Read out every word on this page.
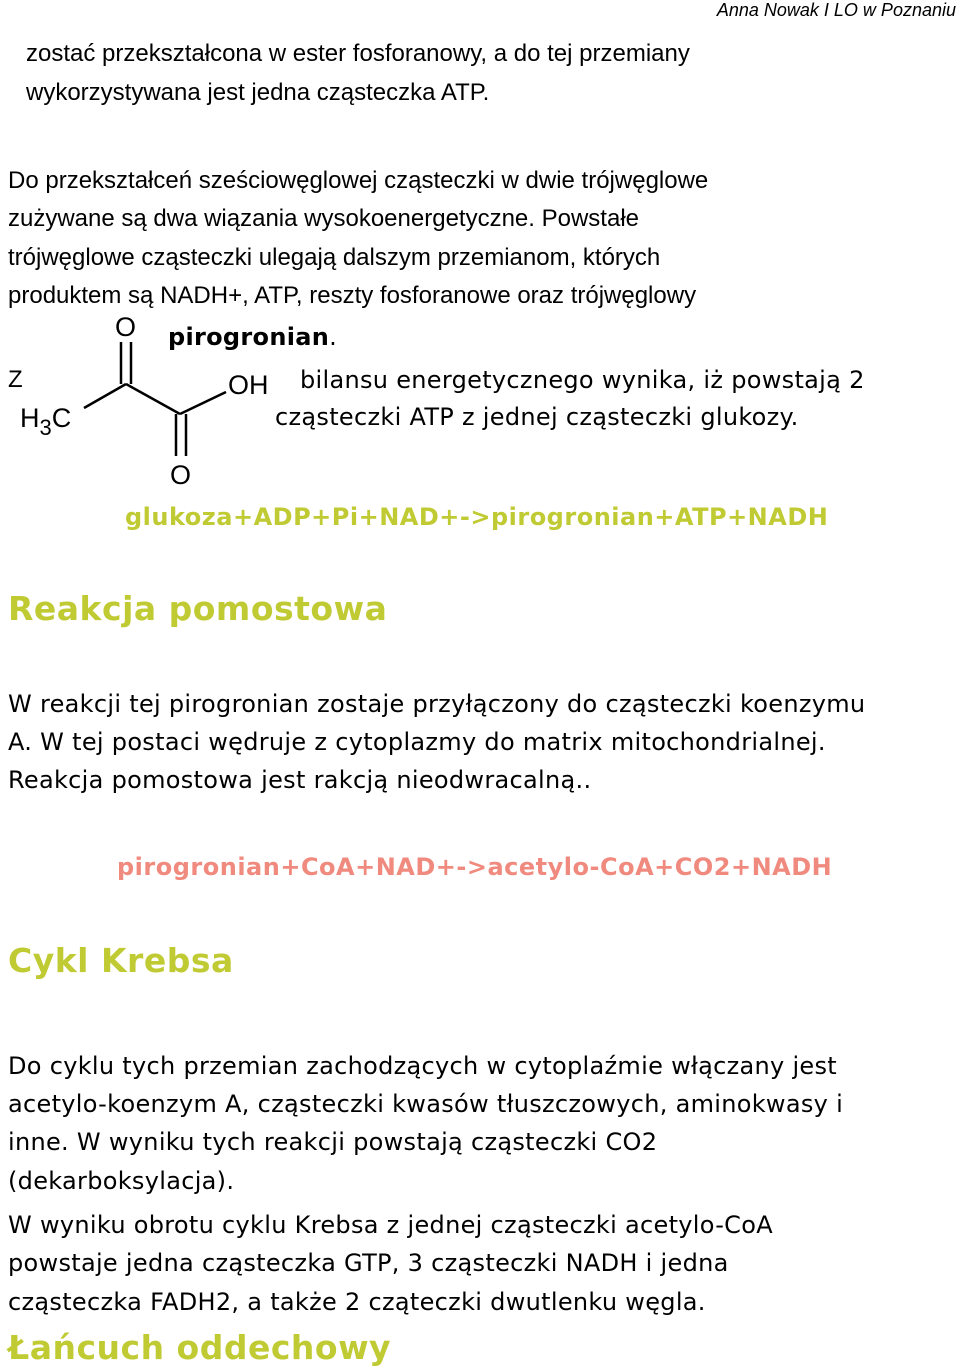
Anna Nowak I LO w Poznaniu
zostać przekształcona w ester fosforanowy, a do tej przemiany
wykorzystywana jest jedna cząsteczka ATP.
Do przekształceń sześciowęglowej cząsteczki w dwie trójwęglowe
zużywane są dwa wiązania wysokoenergetyczne. Powstałe
trójwęglowe cząsteczki ulegają dalszym przemianom, których
produktem są NADH+, ATP, reszty fosforanowe oraz trójwęglowy
pirogronian.
Z	bilansu energetycznego wynika, iż powstają 2
cząsteczki ATP z jednej cząsteczki glukozy.
O
OH
$H_3C$
O
glukoza+ADP+Pi+NAD+->pirogronian+ATP+NADH
Reakcja pomostowa
W reakcji tej pirogronian zostaje przyłączony do cząsteczki koenzymu
A. W tej postaci wędruje z cytoplazmy do matrix mitochondrialnej.
Reakcja pomostowa jest rakcją nieodwracalną..
pirogronian+CoA+NAD+->acetylo-CoA+CO2+NADH
Cykl Krebsa
Do cyklu tych przemian zachodzących w cytoplaźmie włączany jest
acetylo-koenzym A, cząsteczki kwasów tłuszczowych, aminokwasy i
inne. W wyniku tych reakcji powstają cząsteczki CO2
(dekarboksylacja).
W wyniku obrotu cyklu Krebsa z jednej cząsteczki acetylo-CoA
powstaje jedna cząsteczka GTP, 3 cząsteczki NADH i jedna
cząsteczka FADH2, a także 2 cząteczki dwutlenku węgla.
Łańcuch oddechowy
